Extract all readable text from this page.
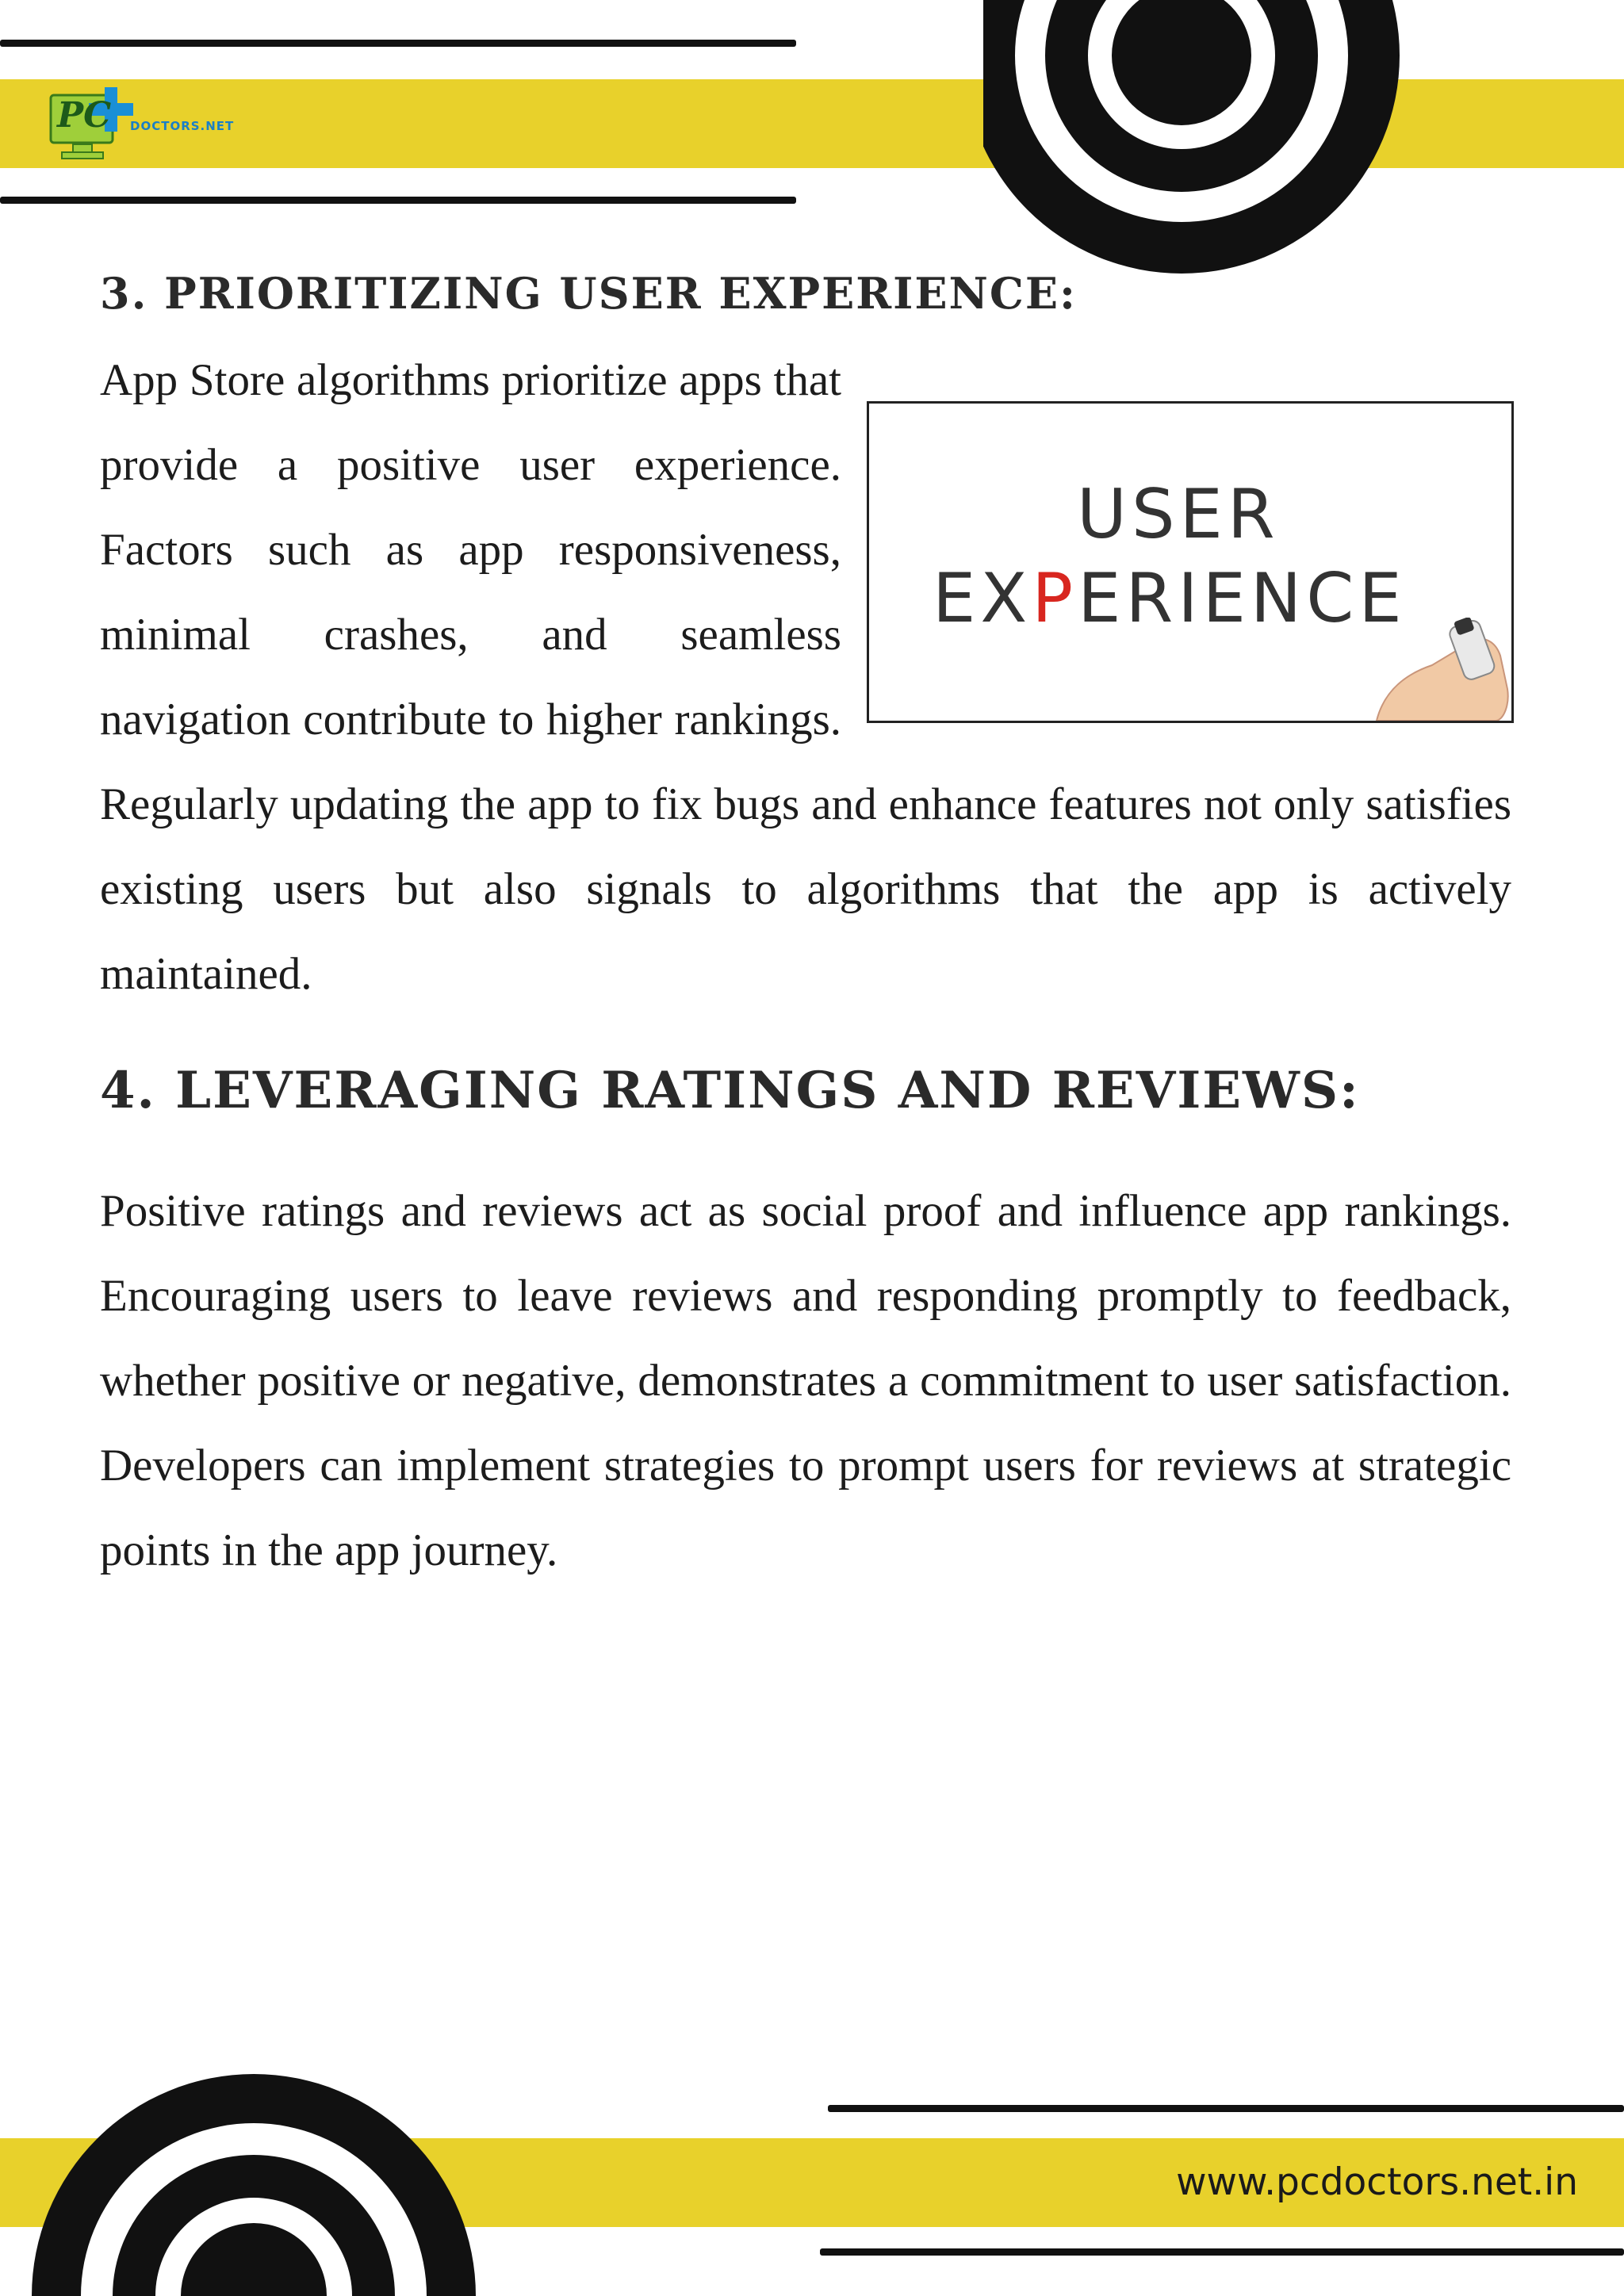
PC DOCTORS.NET
3. PRIORITIZING USER EXPERIENCE:

App Store algorithms prioritize apps that provide a positive user experience. Factors such as app responsiveness, minimal crashes, and seamless navigation contribute to higher rankings. Regularly updating the app to fix bugs and enhance features not only satisfies existing users but also signals to algorithms that the app is actively maintained.

USER
EXPERIENCE
4. LEVERAGING RATINGS AND REVIEWS:

Positive ratings and reviews act as social proof and influence app rankings. Encouraging users to leave reviews and responding promptly to feedback, whether positive or negative, demonstrates a commitment to user satisfaction. Developers can implement strategies to prompt users for reviews at strategic points in the app journey.

www.pcdoctors.net.in
